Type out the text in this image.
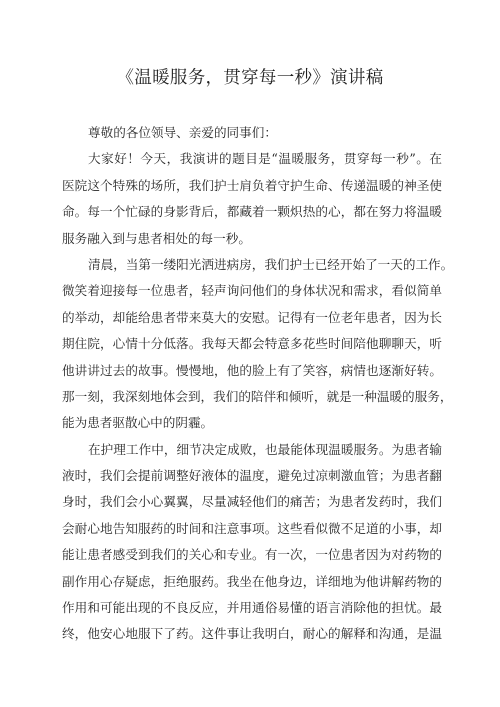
《温暖服务，贯穿每一秒》演讲稿
尊敬的各位领导、亲爱的同事们：
大家好！今天，我演讲的题目是“温暖服务，贯穿每一秒”。在
医院这个特殊的场所，我们护士肩负着守护生命、传递温暖的神圣使
命。每一个忙碌的身影背后，都藏着一颗炽热的心，都在努力将温暖
服务融入到与患者相处的每一秒。
清晨，当第一缕阳光洒进病房，我们护士已经开始了一天的工作。
微笑着迎接每一位患者，轻声询问他们的身体状况和需求，看似简单
的举动，却能给患者带来莫大的安慰。记得有一位老年患者，因为长
期住院，心情十分低落。我每天都会特意多花些时间陪他聊聊天，听
他讲讲过去的故事。慢慢地，他的脸上有了笑容，病情也逐渐好转。
那一刻，我深刻地体会到，我们的陪伴和倾听，就是一种温暖的服务，
能为患者驱散心中的阴霾。
在护理工作中，细节决定成败，也最能体现温暖服务。为患者输
液时，我们会提前调整好液体的温度，避免过凉刺激血管；为患者翻
身时，我们会小心翼翼，尽量减轻他们的痛苦；为患者发药时，我们
会耐心地告知服药的时间和注意事项。这些看似微不足道的小事，却
能让患者感受到我们的关心和专业。有一次，一位患者因为对药物的
副作用心存疑虑，拒绝服药。我坐在他身边，详细地为他讲解药物的
作用和可能出现的不良反应，并用通俗易懂的语言消除他的担忧。最
终，他安心地服下了药。这件事让我明白，耐心的解释和沟通，是温
